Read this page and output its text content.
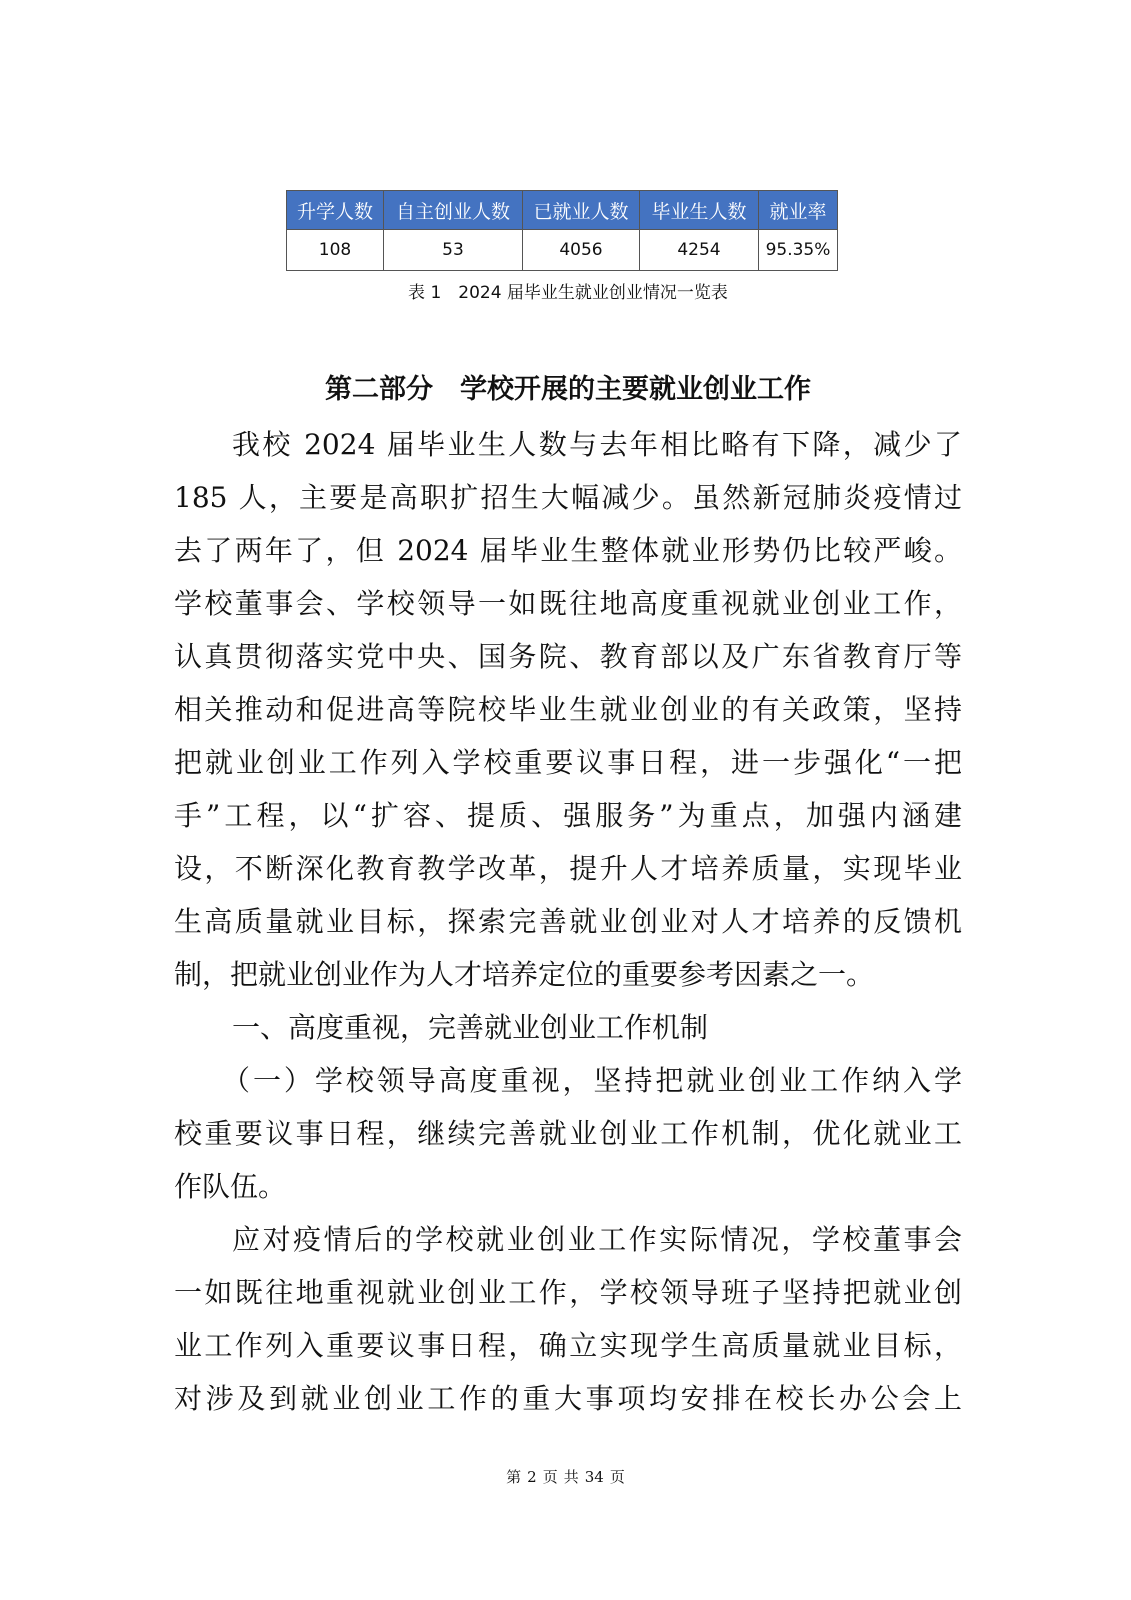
升学人数	自主创业人数	已就业人数	毕业生人数	就业率
108	53	4056	4254	95.35%
表 1　2024 届毕业生就业创业情况一览表
第二部分　学校开展的主要就业创业工作
我校 2024 届毕业生人数与去年相比略有下降，减少了
185 人，主要是高职扩招生大幅减少。虽然新冠肺炎疫情过
去了两年了，但 2024 届毕业生整体就业形势仍比较严峻。
学校董事会、学校领导一如既往地高度重视就业创业工作，
认真贯彻落实党中央、国务院、教育部以及广东省教育厅等
相关推动和促进高等院校毕业生就业创业的有关政策，坚持
把就业创业工作列入学校重要议事日程，进一步强化“一把
手”工程，以“扩容、提质、强服务”为重点，加强内涵建
设，不断深化教育教学改革，提升人才培养质量，实现毕业
生高质量就业目标，探索完善就业创业对人才培养的反馈机
制，把就业创业作为人才培养定位的重要参考因素之一。
一、高度重视，完善就业创业工作机制
（一）学校领导高度重视，坚持把就业创业工作纳入学
校重要议事日程，继续完善就业创业工作机制，优化就业工
作队伍。
应对疫情后的学校就业创业工作实际情况，学校董事会
一如既往地重视就业创业工作，学校领导班子坚持把就业创
业工作列入重要议事日程，确立实现学生高质量就业目标，
对涉及到就业创业工作的重大事项均安排在校长办公会上
第 2 页 共 34 页
